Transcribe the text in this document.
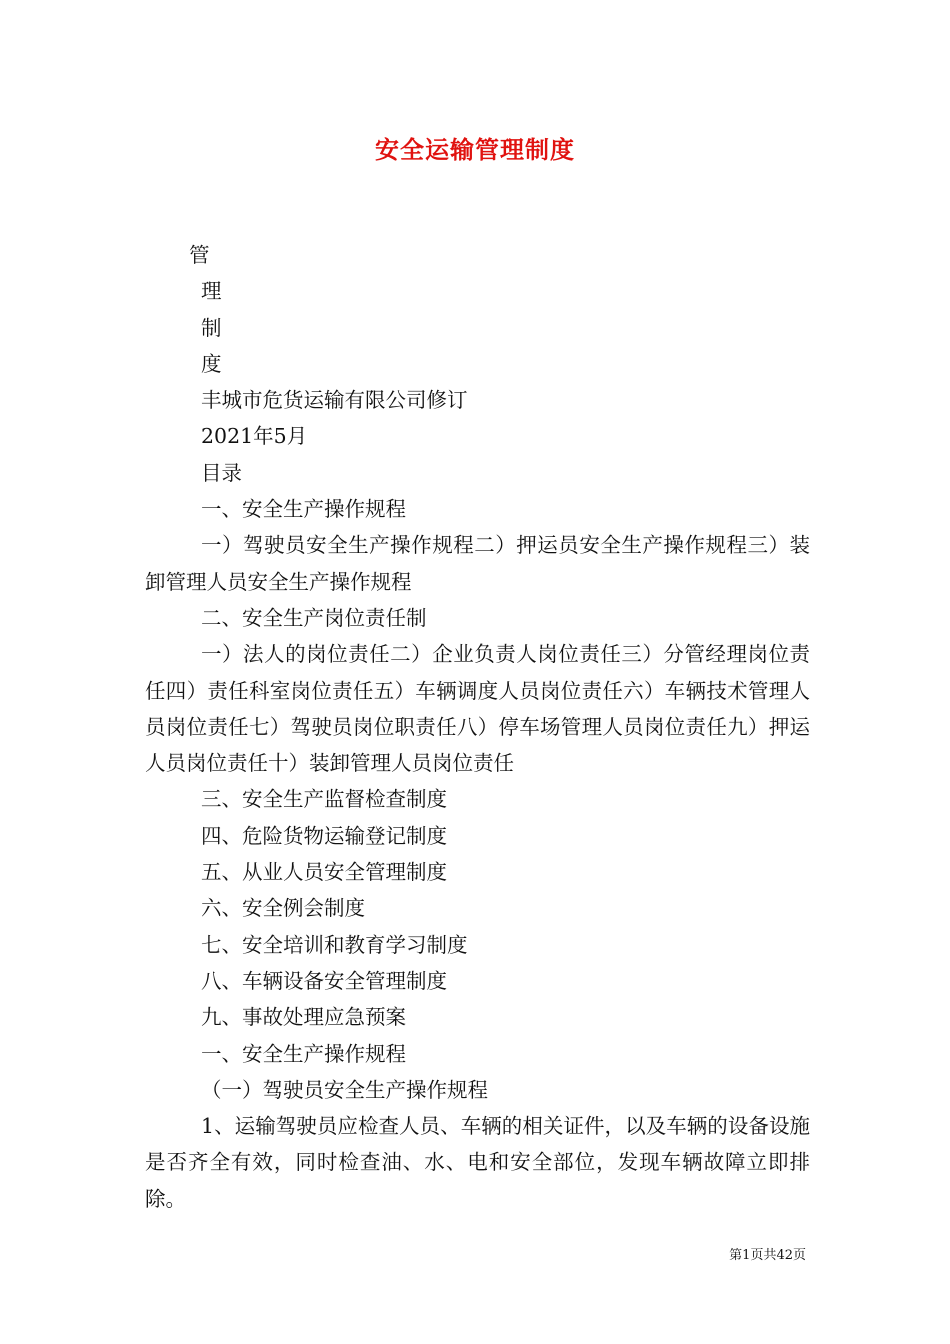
安全运输管理制度

管

理

制

度

丰城市危货运输有限公司修订

2021年5月

目录

一、安全生产操作规程

一）驾驶员安全生产操作规程二）押运员安全生产操作规程三）装卸管理人员安全生产操作规程

二、安全生产岗位责任制

一）法人的岗位责任二）企业负责人岗位责任三）分管经理岗位责任四）责任科室岗位责任五）车辆调度人员岗位责任六）车辆技术管理人员岗位责任七）驾驶员岗位职责任八）停车场管理人员岗位责任九）押运人员岗位责任十）装卸管理人员岗位责任

三、安全生产监督检查制度

四、危险货物运输登记制度

五、从业人员安全管理制度

六、安全例会制度

七、安全培训和教育学习制度

八、车辆设备安全管理制度

九、事故处理应急预案

一、安全生产操作规程

（一）驾驶员安全生产操作规程

1、运输驾驶员应检查人员、车辆的相关证件，以及车辆的设备设施是否齐全有效，同时检查油、水、电和安全部位，发现车辆故障立即排除。

第1页共42页
